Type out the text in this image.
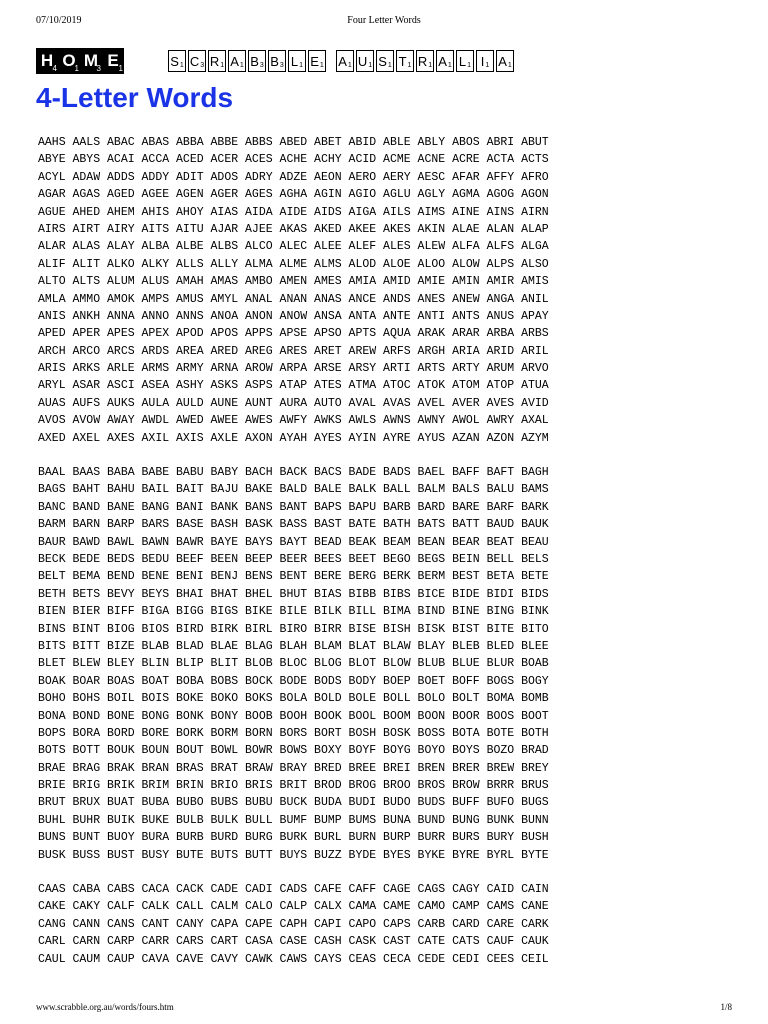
07/10/2019	Four Letter Words
H 4 O
1 M
3 E 1	S 1 C 3 R 1 A 1 B 3 B 3 L 1 E 1 A 1 U 1 S 1 T 1 R 1 A 1 L 1 I 1 A 1
4-Letter Words
AAHS AALS ABAC ABAS ABBA ABBE ABBS ABED ABET ABID ABLE ABLY ABOS ABRI ABUT
ABYE ABYS ACAI ACCA ACED ACER ACES ACHE ACHY ACID ACME ACNE ACRE ACTA ACTS
ACYL ADAW ADDS ADDY ADIT ADOS ADRY ADZE AEON AERO AERY AESC AFAR AFFY AFRO
AGAR AGAS AGED AGEE AGEN AGER AGES AGHA AGIN AGIO AGLU AGLY AGMA AGOG AGON
AGUE AHED AHEM AHIS AHOY AIAS AIDA AIDE AIDS AIGA AILS AIMS AINE AINS AIRN
AIRS AIRT AIRY AITS AITU AJAR AJEE AKAS AKED AKEE AKES AKIN ALAE ALAN ALAP
ALAR ALAS ALAY ALBA ALBE ALBS ALCO ALEC ALEE ALEF ALES ALEW ALFA ALFS ALGA
ALIF ALIT ALKO ALKY ALLS ALLY ALMA ALME ALMS ALOD ALOE ALOO ALOW ALPS ALSO
ALTO ALTS ALUM ALUS AMAH AMAS AMBO AMEN AMES AMIA AMID AMIE AMIN AMIR AMIS
AMLA AMMO AMOK AMPS AMUS AMYL ANAL ANAN ANAS ANCE ANDS ANES ANEW ANGA ANIL
ANIS ANKH ANNA ANNO ANNS ANOA ANON ANOW ANSA ANTA ANTE ANTI ANTS ANUS APAY
APED APER APES APEX APOD APOS APPS APSE APSO APTS AQUA ARAK ARAR ARBA ARBS
ARCH ARCO ARCS ARDS AREA ARED AREG ARES ARET AREW ARFS ARGH ARIA ARID ARIL
ARIS ARKS ARLE ARMS ARMY ARNA AROW ARPA ARSE ARSY ARTI ARTS ARTY ARUM ARVO
ARYL ASAR ASCI ASEA ASHY ASKS ASPS ATAP ATES ATMA ATOC ATOK ATOM ATOP ATUA
AUAS AUFS AUKS AULA AULD AUNE AUNT AURA AUTO AVAL AVAS AVEL AVER AVES AVID
AVOS AVOW AWAY AWDL AWED AWEE AWES AWFY AWKS AWLS AWNS AWNY AWOL AWRY AXAL
AXED AXEL AXES AXIL AXIS AXLE AXON AYAH AYES AYIN AYRE AYUS AZAN AZON AZYM
BAAL BAAS BABA BABE BABU BABY BACH BACK BACS BADE BADS BAEL BAFF BAFT BAGH
BAGS BAHT BAHU BAIL BAIT BAJU BAKE BALD BALE BALK BALL BALM BALS BALU BAMS
BANC BAND BANE BANG BANI BANK BANS BANT BAPS BAPU BARB BARD BARE BARF BARK
BARM BARN BARP BARS BASE BASH BASK BASS BAST BATE BATH BATS BATT BAUD BAUK
BAUR BAWD BAWL BAWN BAWR BAYE BAYS BAYT BEAD BEAK BEAM BEAN BEAR BEAT BEAU
BECK BEDE BEDS BEDU BEEF BEEN BEEP BEER BEES BEET BEGO BEGS BEIN BELL BELS
BELT BEMA BEND BENE BENI BENJ BENS BENT BERE BERG BERK BERM BEST BETA BETE
BETH BETS BEVY BEYS BHAI BHAT BHEL BHUT BIAS BIBB BIBS BICE BIDE BIDI BIDS
BIEN BIER BIFF BIGA BIGG BIGS BIKE BILE BILK BILL BIMA BIND BINE BING BINK
BINS BINT BIOG BIOS BIRD BIRK BIRL BIRO BIRR BISE BISH BISK BIST BITE BITO
BITS BITT BIZE BLAB BLAD BLAE BLAG BLAH BLAM BLAT BLAW BLAY BLEB BLED BLEE
BLET BLEW BLEY BLIN BLIP BLIT BLOB BLOC BLOG BLOT BLOW BLUB BLUE BLUR BOAB
BOAK BOAR BOAS BOAT BOBA BOBS BOCK BODE BODS BODY BOEP BOET BOFF BOGS BOGY
BOHO BOHS BOIL BOIS BOKE BOKO BOKS BOLA BOLD BOLE BOLL BOLO BOLT BOMA BOMB
BONA BOND BONE BONG BONK BONY BOOB BOOH BOOK BOOL BOOM BOON BOOR BOOS BOOT
BOPS BORA BORD BORE BORK BORM BORN BORS BORT BOSH BOSK BOSS BOTA BOTE BOTH
BOTS BOTT BOUK BOUN BOUT BOWL BOWR BOWS BOXY BOYF BOYG BOYO BOYS BOZO BRAD
BRAE BRAG BRAK BRAN BRAS BRAT BRAW BRAY BRED BREE BREI BREN BRER BREW BREY
BRIE BRIG BRIK BRIM BRIN BRIO BRIS BRIT BROD BROG BROO BROS BROW BRRR BRUS
BRUT BRUX BUAT BUBA BUBO BUBS BUBU BUCK BUDA BUDI BUDO BUDS BUFF BUFO BUGS
BUHL BUHR BUIK BUKE BULB BULK BULL BUMF BUMP BUMS BUNA BUND BUNG BUNK BUNN
BUNS BUNT BUOY BURA BURB BURD BURG BURK BURL BURN BURP BURR BURS BURY BUSH
BUSK BUSS BUST BUSY BUTE BUTS BUTT BUYS BUZZ BYDE BYES BYKE BYRE BYRL BYTE
CAAS CABA CABS CACA CACK CADE CADI CADS CAFE CAFF CAGE CAGS CAGY CAID CAIN
CAKE CAKY CALF CALK CALL CALM CALO CALP CALX CAMA CAME CAMO CAMP CAMS CANE
CANG CANN CANS CANT CANY CAPA CAPE CAPH CAPI CAPO CAPS CARB CARD CARE CARK
CARL CARN CARP CARR CARS CART CASA CASE CASH CASK CAST CATE CATS CAUF CAUK
CAUL CAUM CAUP CAVA CAVE CAVY CAWK CAWS CAYS CEAS CECA CEDE CEDI CEES CEIL
www.scrabble.org.au/words/fours.htm	1/8
